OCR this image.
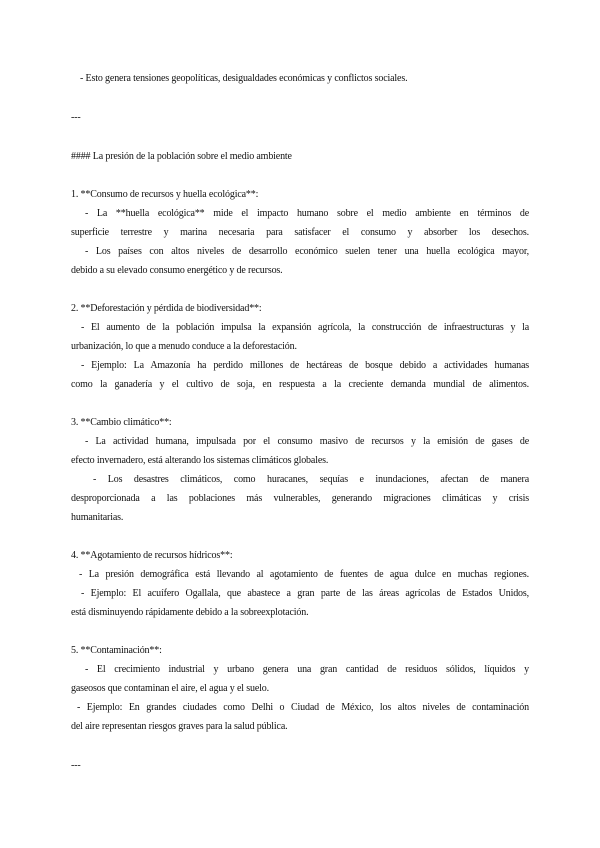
- Esto genera tensiones geopolíticas, desigualdades económicas y conflictos sociales.
---
#### La presión de la población sobre el medio ambiente
1. **Consumo de recursos y huella ecológica**:
- La **huella ecológica** mide el impacto humano sobre el medio ambiente en términos de
superficie terrestre y marina necesaria para satisfacer el consumo y absorber los desechos.
- Los países con altos niveles de desarrollo económico suelen tener una huella ecológica mayor,
debido a su elevado consumo energético y de recursos.
2. **Deforestación y pérdida de biodiversidad**:
- El aumento de la población impulsa la expansión agrícola, la construcción de infraestructuras y la
urbanización, lo que a menudo conduce a la deforestación.
- Ejemplo: La Amazonía ha perdido millones de hectáreas de bosque debido a actividades humanas
como la ganadería y el cultivo de soja, en respuesta a la creciente demanda mundial de alimentos.
3. **Cambio climático**:
- La actividad humana, impulsada por el consumo masivo de recursos y la emisión de gases de
efecto invernadero, está alterando los sistemas climáticos globales.
- Los desastres climáticos, como huracanes, sequías e inundaciones, afectan de manera
desproporcionada a las poblaciones más vulnerables, generando migraciones climáticas y crisis
humanitarias.
4. **Agotamiento de recursos hídricos**:
- La presión demográfica está llevando al agotamiento de fuentes de agua dulce en muchas regiones.
- Ejemplo: El acuífero Ogallala, que abastece a gran parte de las áreas agrícolas de Estados Unidos,
está disminuyendo rápidamente debido a la sobreexplotación.
5. **Contaminación**:
- El crecimiento industrial y urbano genera una gran cantidad de residuos sólidos, líquidos y
gaseosos que contaminan el aire, el agua y el suelo.
- Ejemplo: En grandes ciudades como Delhi o Ciudad de México, los altos niveles de contaminación
del aire representan riesgos graves para la salud pública.
---
